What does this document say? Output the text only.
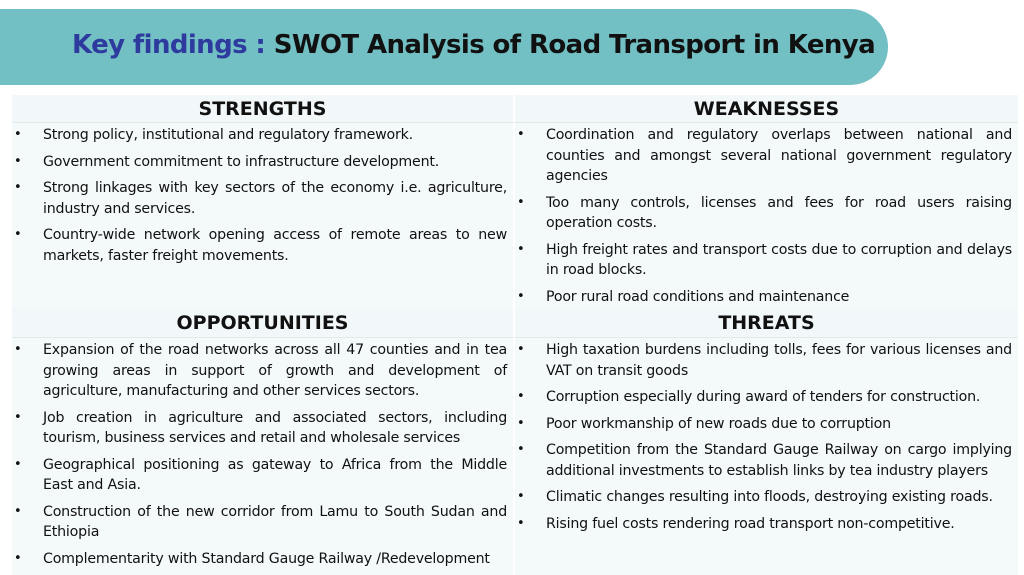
Key findings : SWOT Analysis of Road Transport in Kenya
STRENGTHS	WEAKNESSES
• Strong policy, institutional and regulatory framework.
• Government commitment to infrastructure development.
• Strong linkages with key sectors of the economy i.e. agriculture, industry and services.
• Country-wide network opening access of remote areas to new markets, faster freight movements.
• Coordination and regulatory overlaps between national and counties and amongst several national government regulatory agencies
• Too many controls, licenses and fees for road users raising operation costs.
• High freight rates and transport costs due to corruption and delays in road blocks.
• Poor rural road conditions and maintenance
OPPORTUNITIES	THREATS
• Expansion of the road networks across all 47 counties and in tea growing areas in support of growth and development of agriculture, manufacturing and other services sectors.
• Job creation in agriculture and associated sectors, including tourism, business services and retail and wholesale services
• Geographical positioning as gateway to Africa from the Middle East and Asia.
• Construction of the new corridor from Lamu to South Sudan and Ethiopia
• Complementarity with Standard Gauge Railway /Redevelopment
• High taxation burdens including tolls, fees for various licenses and VAT on transit goods
• Corruption especially during award of tenders for construction.
• Poor workmanship of new roads due to corruption
• Competition from the Standard Gauge Railway on cargo implying additional investments to establish links by tea industry players
• Climatic changes resulting into floods, destroying existing roads.
• Rising fuel costs rendering road transport non-competitive.
